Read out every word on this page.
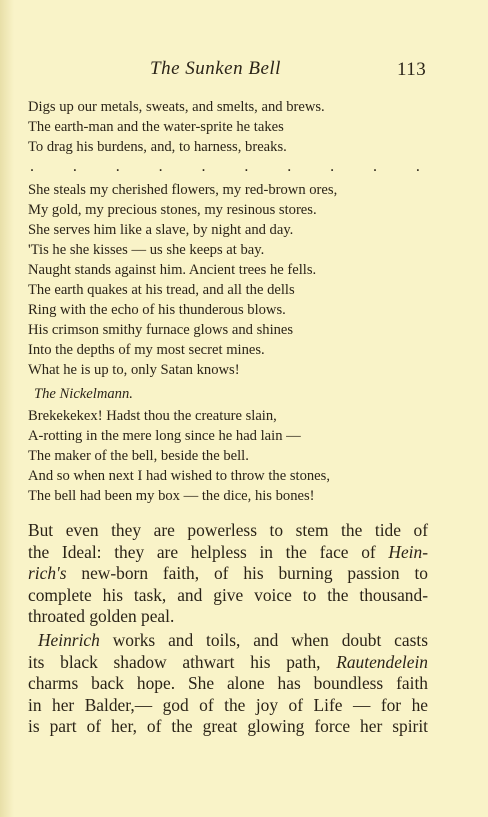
The Sunken Bell	113
Digs up our metals, sweats, and smelts, and brews.
The earth-man and the water-sprite he takes
To drag his burdens, and, to harness, breaks.
. . . . . . . . . .
She steals my cherished flowers, my red-brown ores,
My gold, my precious stones, my resinous stores.
She serves him like a slave, by night and day.
'Tis he she kisses — us she keeps at bay.
Naught stands against him. Ancient trees he fells.
The earth quakes at his tread, and all the dells
Ring with the echo of his thunderous blows.
His crimson smithy furnace glows and shines
Into the depths of my most secret mines.
What he is up to, only Satan knows!
The Nickelmann.
Brekekekex! Hadst thou the creature slain,
A-rotting in the mere long since he had lain —
The maker of the bell, beside the bell.
And so when next I had wished to throw the stones,
The bell had been my box — the dice, his bones!
But even they are powerless to stem the tide of
the Ideal: they are helpless in the face of Hein-
rich's new-born faith, of his burning passion to
complete his task, and give voice to the thousand-
throated golden peal.
Heinrich works and toils, and when doubt casts
its black shadow athwart his path, Rautendelein
charms back hope. She alone has boundless faith
in her Balder,— god of the joy of Life — for he
is part of her, of the great glowing force her spirit
